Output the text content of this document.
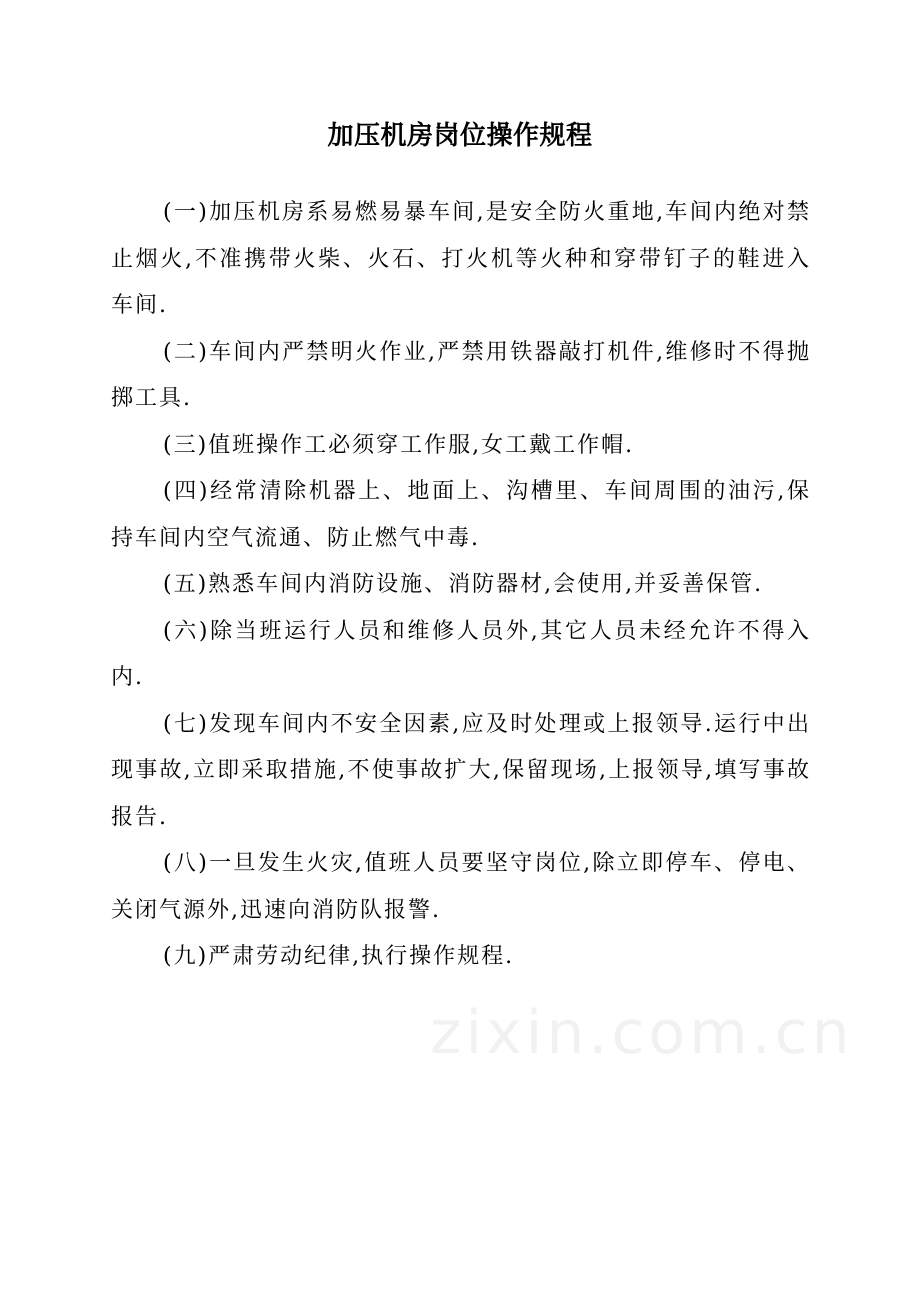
加压机房岗位操作规程

(一)加压机房系易燃易暴车间,是安全防火重地,车间内绝对禁止烟火,不准携带火柴、火石、打火机等火种和穿带钉子的鞋进入车间.

(二)车间内严禁明火作业,严禁用铁器敲打机件,维修时不得抛掷工具.

(三)值班操作工必须穿工作服,女工戴工作帽.

(四)经常清除机器上、地面上、沟槽里、车间周围的油污,保持车间内空气流通、防止燃气中毒.

(五)熟悉车间内消防设施、消防器材,会使用,并妥善保管.

(六)除当班运行人员和维修人员外,其它人员未经允许不得入内.

(七)发现车间内不安全因素,应及时处理或上报领导.运行中出现事故,立即采取措施,不使事故扩大,保留现场,上报领导,填写事故报告.

(八)一旦发生火灾,值班人员要坚守岗位,除立即停车、停电、关闭气源外,迅速向消防队报警.

(九)严肃劳动纪律,执行操作规程.

zixin.com.cn
